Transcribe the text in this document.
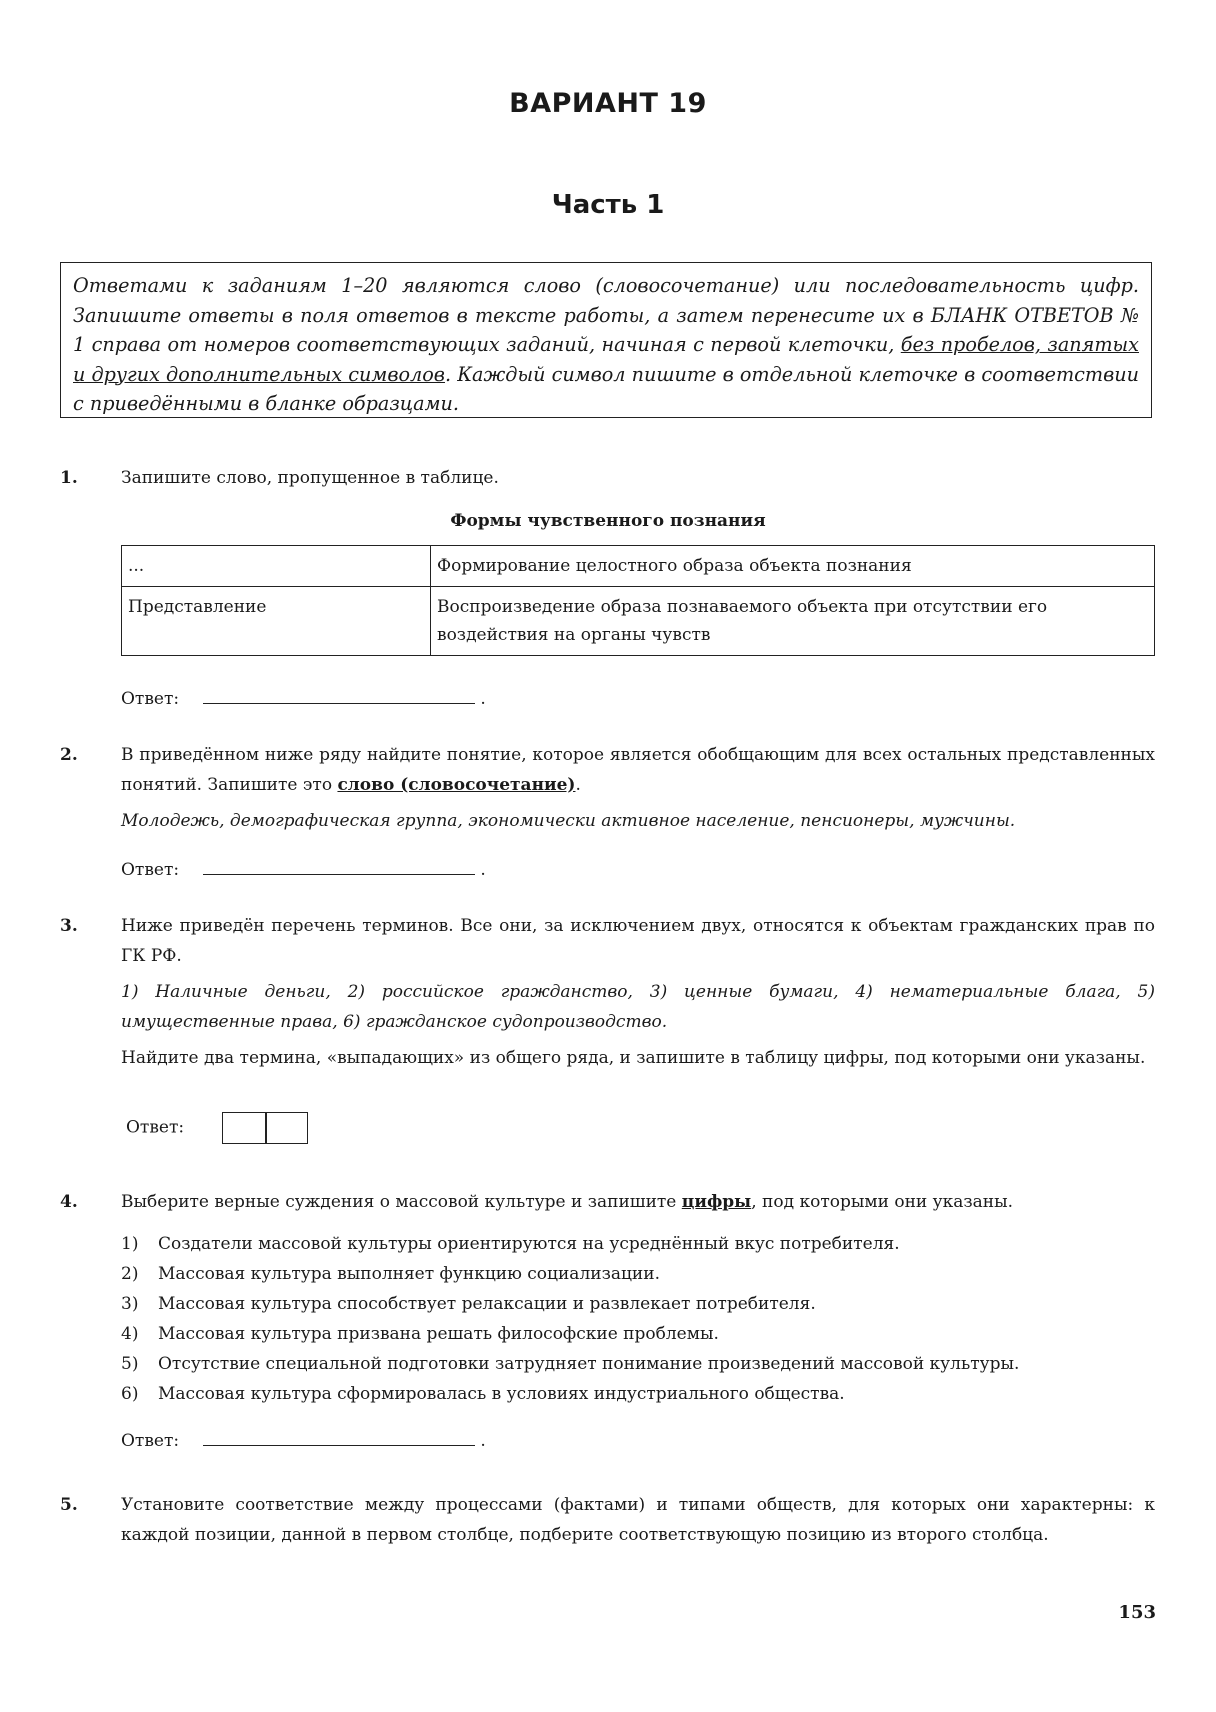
ВАРИАНТ 19
Часть 1
Ответами к заданиям 1–20 являются слово (словосочетание) или последовательность цифр. Запишите ответы в поля ответов в тексте работы, а затем перенесите их в БЛАНК ОТВЕТОВ № 1 справа от номеров соответствующих заданий, начиная с первой клеточки, без пробелов, запятых и других дополнительных символов. Каждый символ пишите в отдельной клеточке в соответствии с приведёнными в бланке образцами.
1.	Запишите слово, пропущенное в таблице.
Формы чувственного познания
...	Формирование целостного образа объекта познания
Представление	Воспроизведение образа познаваемого объекта при отсутствии его воздействия на органы чувств
Ответ:	.
2.	В приведённом ниже ряду найдите понятие, которое является обобщающим для всех остальных представленных понятий. Запишите это слово (словосочетание).
Молодежь, демографическая группа, экономически активное население, пенсионеры, мужчины.
Ответ:	.
3.	Ниже приведён перечень терминов. Все они, за исключением двух, относятся к объектам гражданских прав по ГК РФ.
1) Наличные деньги, 2) российское гражданство, 3) ценные бумаги, 4) нематериальные блага, 5) имущественные права, 6) гражданское судопроизводство.
Найдите два термина, «выпадающих» из общего ряда, и запишите в таблицу цифры, под которыми они указаны.
Ответ:
4.	Выберите верные суждения о массовой культуре и запишите цифры, под которыми они указаны.
1) Создатели массовой культуры ориентируются на усреднённый вкус потребителя.
2) Массовая культура выполняет функцию социализации.
3) Массовая культура способствует релаксации и развлекает потребителя.
4) Массовая культура призвана решать философские проблемы.
5) Отсутствие специальной подготовки затрудняет понимание произведений массовой культуры.
6) Массовая культура сформировалась в условиях индустриального общества.
Ответ:	.
5.	Установите соответствие между процессами (фактами) и типами обществ, для которых они характерны: к каждой позиции, данной в первом столбце, подберите соответствующую позицию из второго столбца.
153
